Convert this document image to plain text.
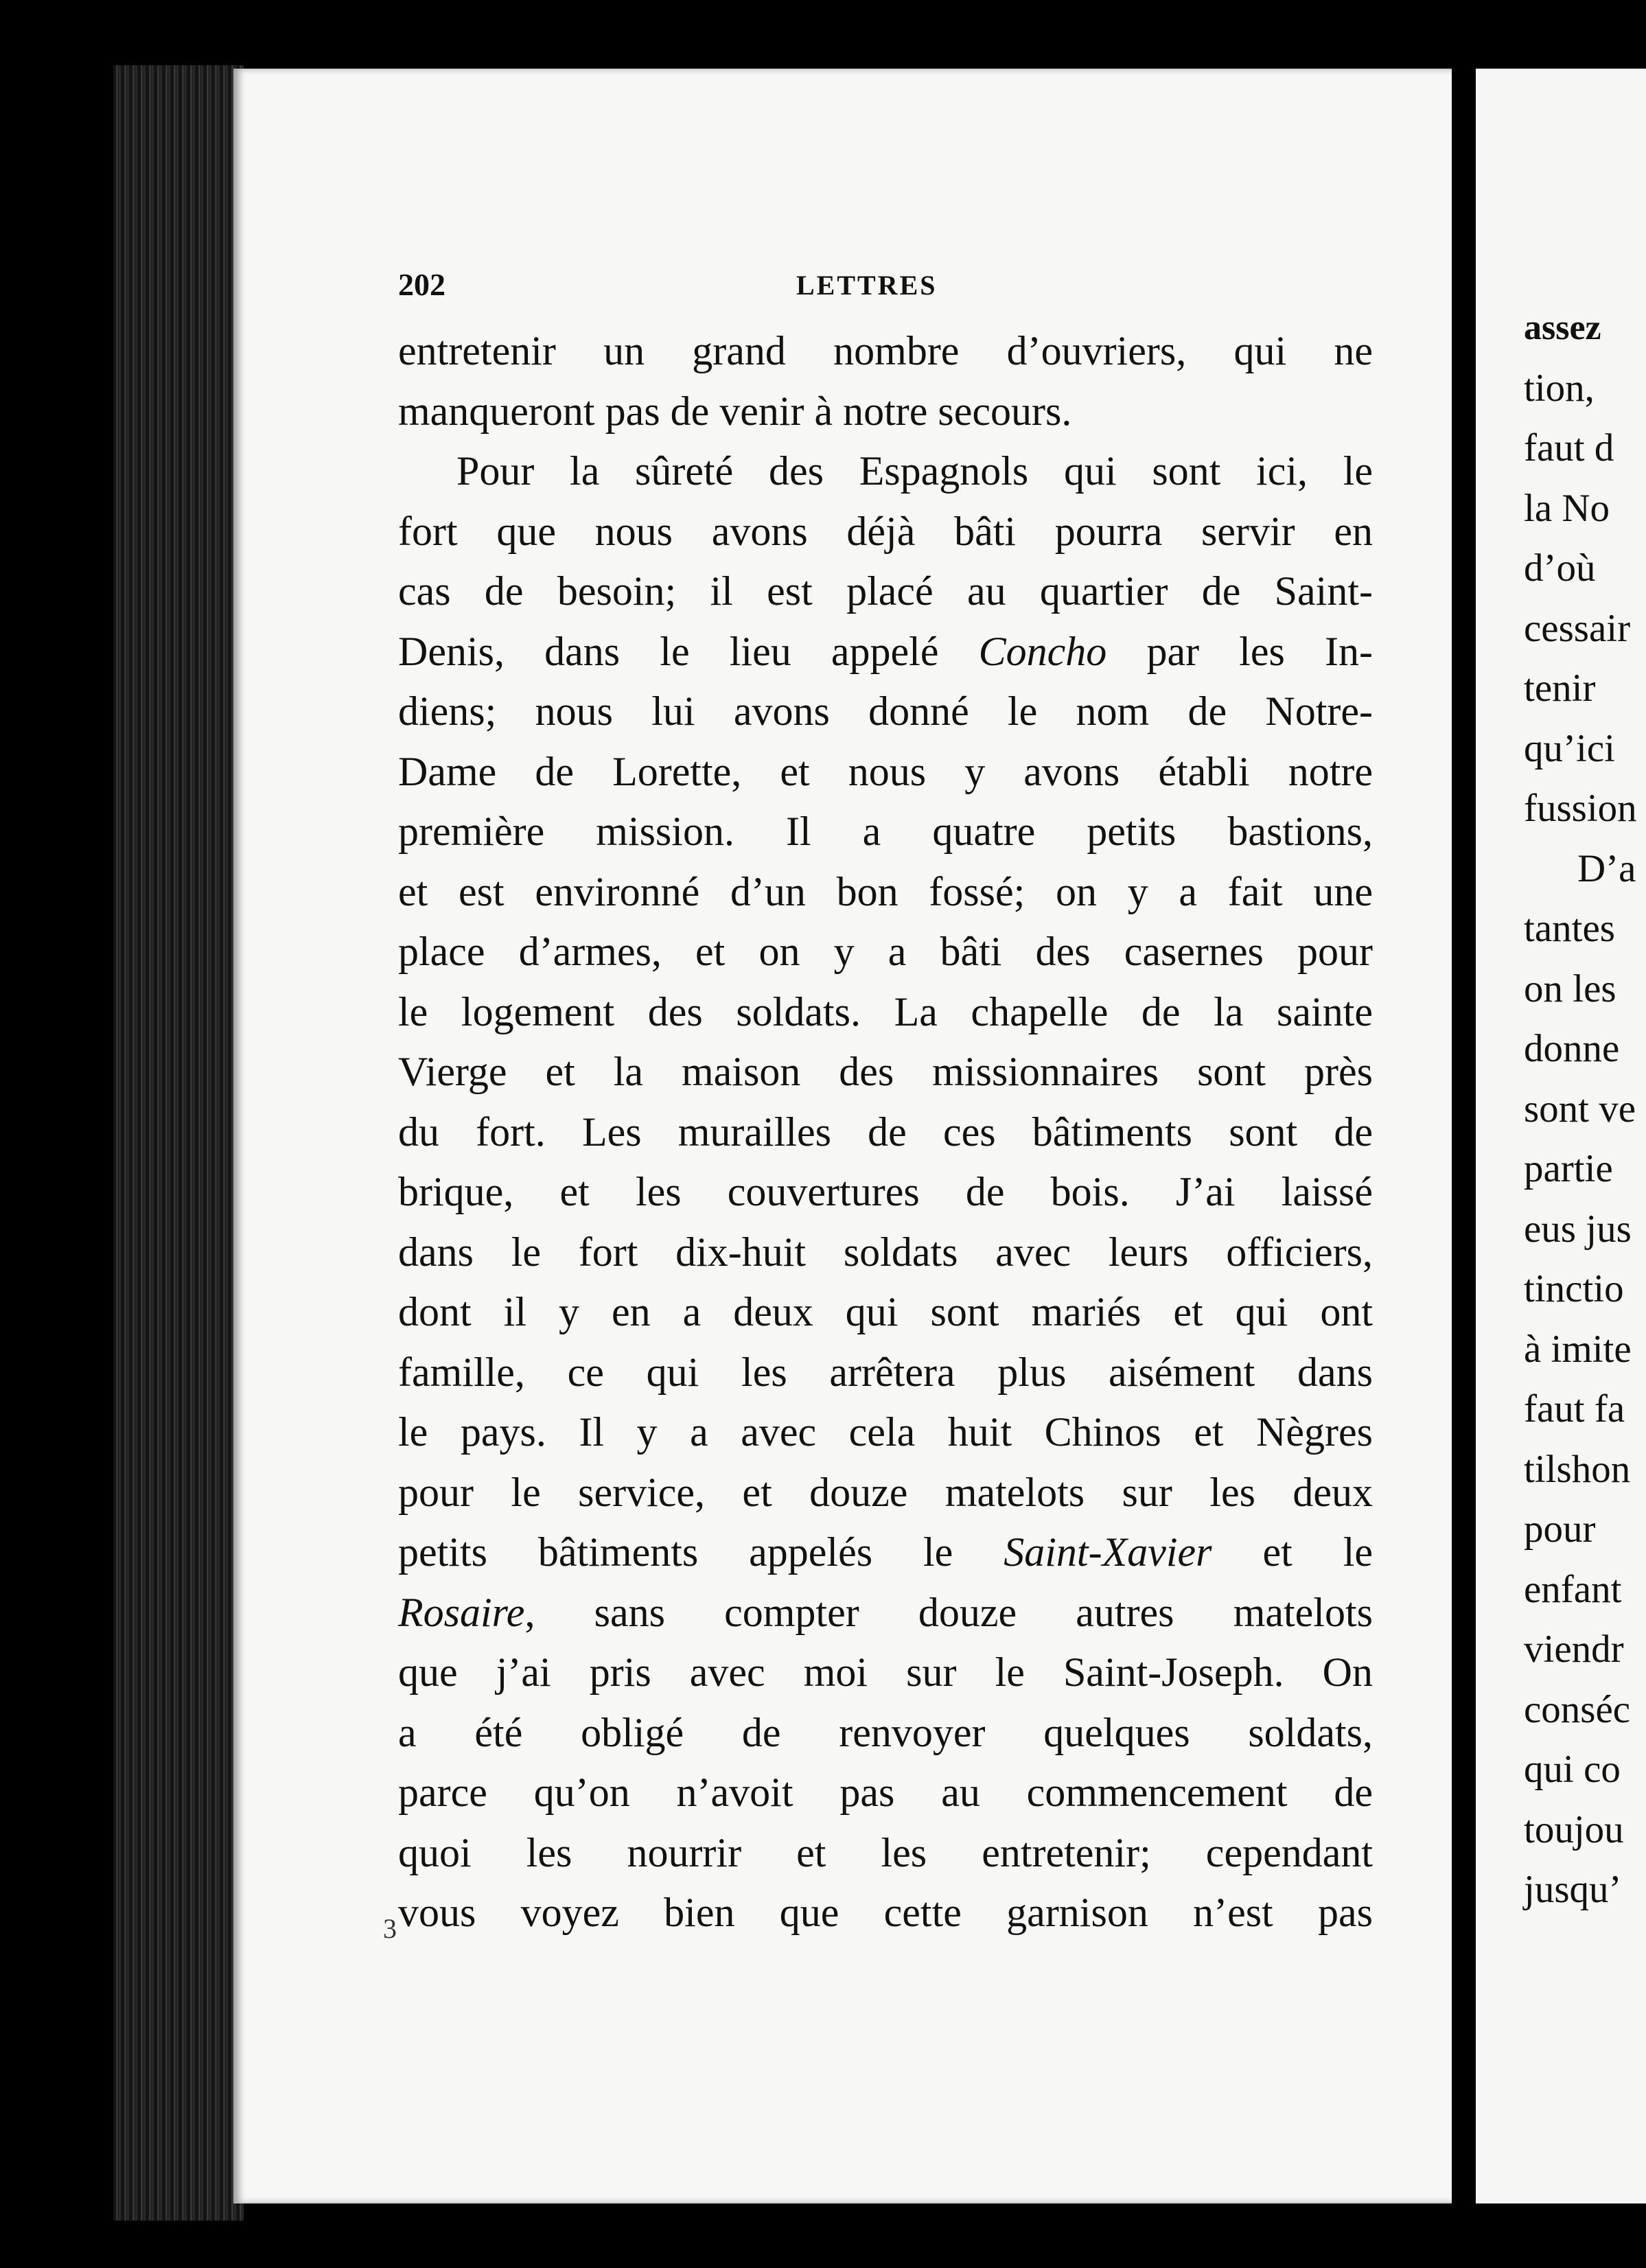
202	LETTRES
entretenir un grand nombre d’ouvriers, qui ne
manqueront pas de venir à notre secours.
Pour la sûreté des Espagnols qui sont ici, le
fort que nous avons déjà bâti pourra servir en
cas de besoin; il est placé au quartier de Saint-
Denis, dans le lieu appelé Concho par les In-
diens; nous lui avons donné le nom de Notre-
Dame de Lorette, et nous y avons établi notre
première mission. Il a quatre petits bastions,
et est environné d’un bon fossé; on y a fait une
place d’armes, et on y a bâti des casernes pour
le logement des soldats. La chapelle de la sainte
Vierge et la maison des missionnaires sont près
du fort. Les murailles de ces bâtiments sont de
brique, et les couvertures de bois. J’ai laissé
dans le fort dix-huit soldats avec leurs officiers,
dont il y en a deux qui sont mariés et qui ont
famille, ce qui les arrêtera plus aisément dans
le pays. Il y a avec cela huit Chinos et Nègres
pour le service, et douze matelots sur les deux
petits bâtiments appelés le Saint-Xavier et le
Rosaire, sans compter douze autres matelots
que j’ai pris avec moi sur le Saint-Joseph. On
a été obligé de renvoyer quelques soldats,
parce qu’on n’avoit pas au commencement de
quoi les nourrir et les entretenir; cependant
vous voyez bien que cette garnison n’est pas
3
assez
tion,
faut d
la No
d’où
cessair
tenir
qu’ici
fussion
D’a
tantes
on les
donne
sont ve
partie
eus jus
tinctio
à imite
faut fa
tilshon
pour
enfant
viendr
conséc
qui co
toujou
jusqu’
